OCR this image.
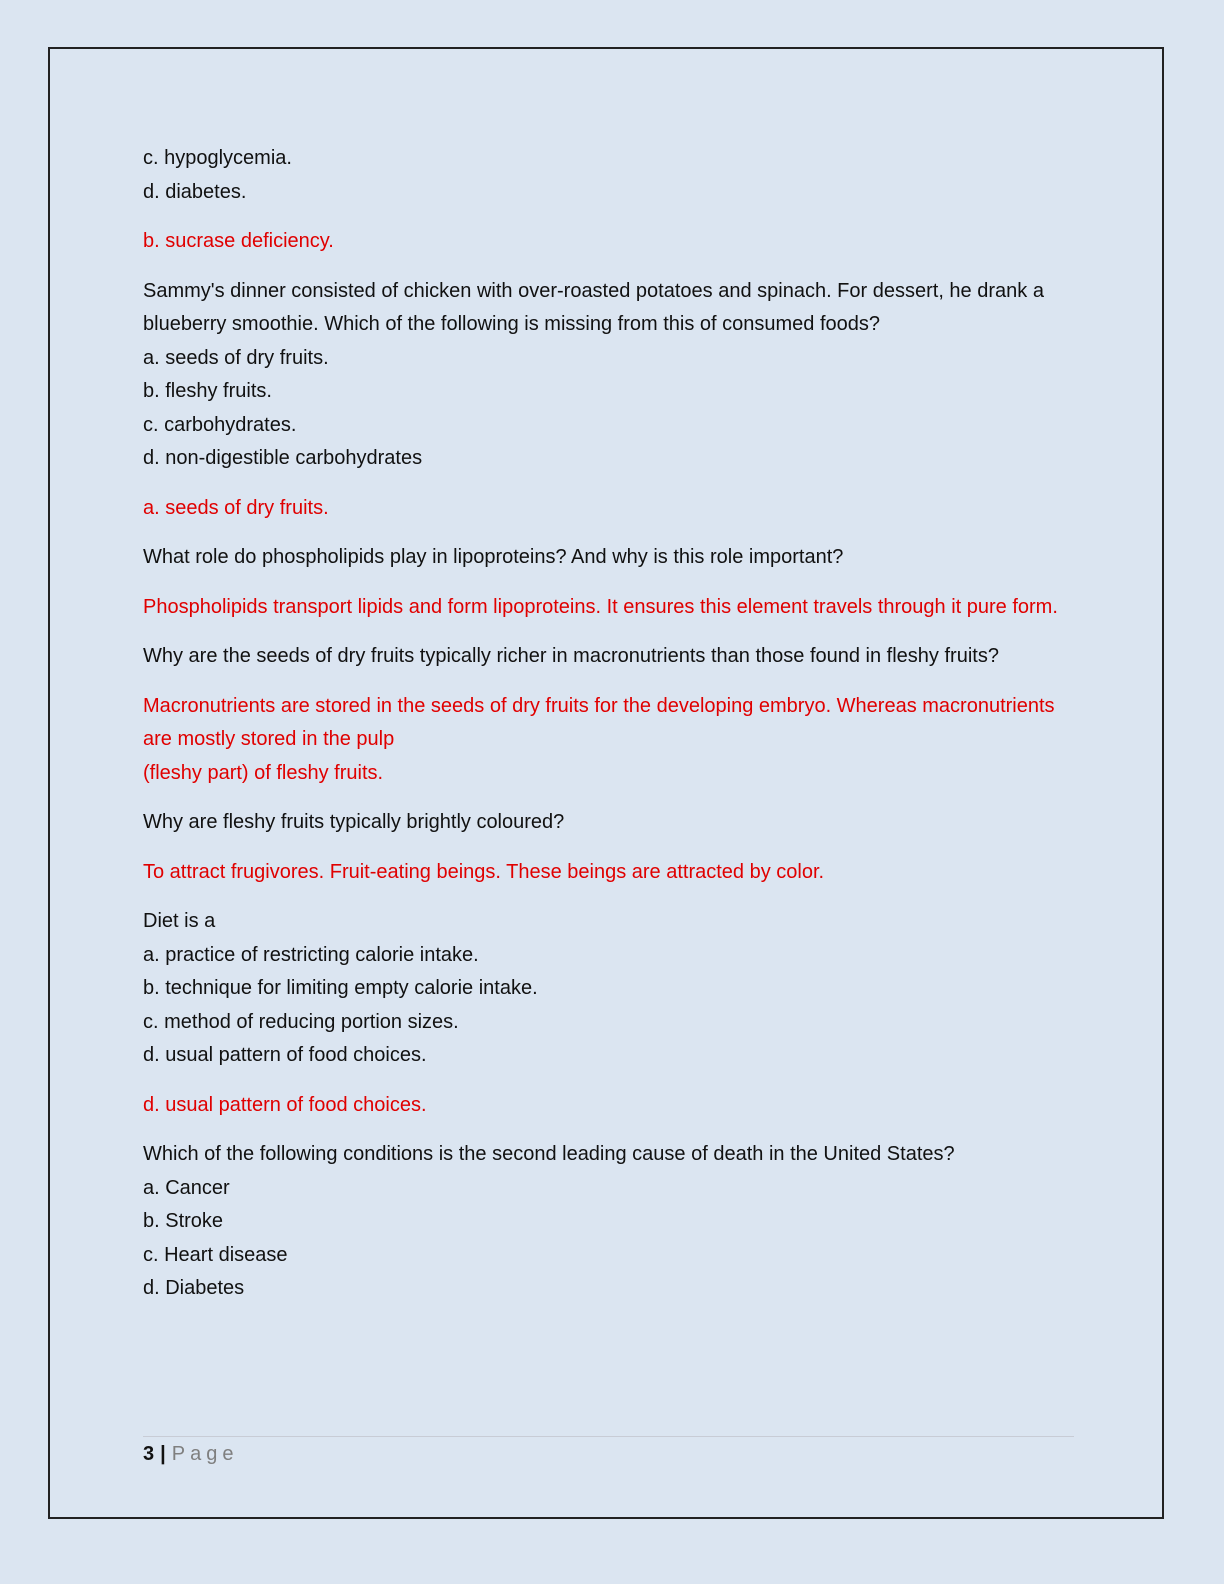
c. hypoglycemia.
d. diabetes.

b. sucrase deficiency.

Sammy's dinner consisted of chicken with over-roasted potatoes and spinach. For dessert, he drank a
blueberry smoothie. Which of the following is missing from this of consumed foods?
a. seeds of dry fruits.
b. fleshy fruits.
c. carbohydrates.
d. non-digestible carbohydrates

a. seeds of dry fruits.

What role do phospholipids play in lipoproteins? And why is this role important?

Phospholipids transport lipids and form lipoproteins. It ensures this element travels through it pure form.

Why are the seeds of dry fruits typically richer in macronutrients than those found in fleshy fruits?

Macronutrients are stored in the seeds of dry fruits for the developing embryo. Whereas macronutrients are mostly stored in the pulp
(fleshy part) of fleshy fruits.

Why are fleshy fruits typically brightly coloured?

To attract frugivores. Fruit-eating beings. These beings are attracted by color.

Diet is a
a. practice of restricting calorie intake.
b. technique for limiting empty calorie intake.
c. method of reducing portion sizes.
d. usual pattern of food choices.

d. usual pattern of food choices.

Which of the following conditions is the second leading cause of death in the United States?
a. Cancer
b. Stroke
c. Heart disease
d. Diabetes

3 | Page
